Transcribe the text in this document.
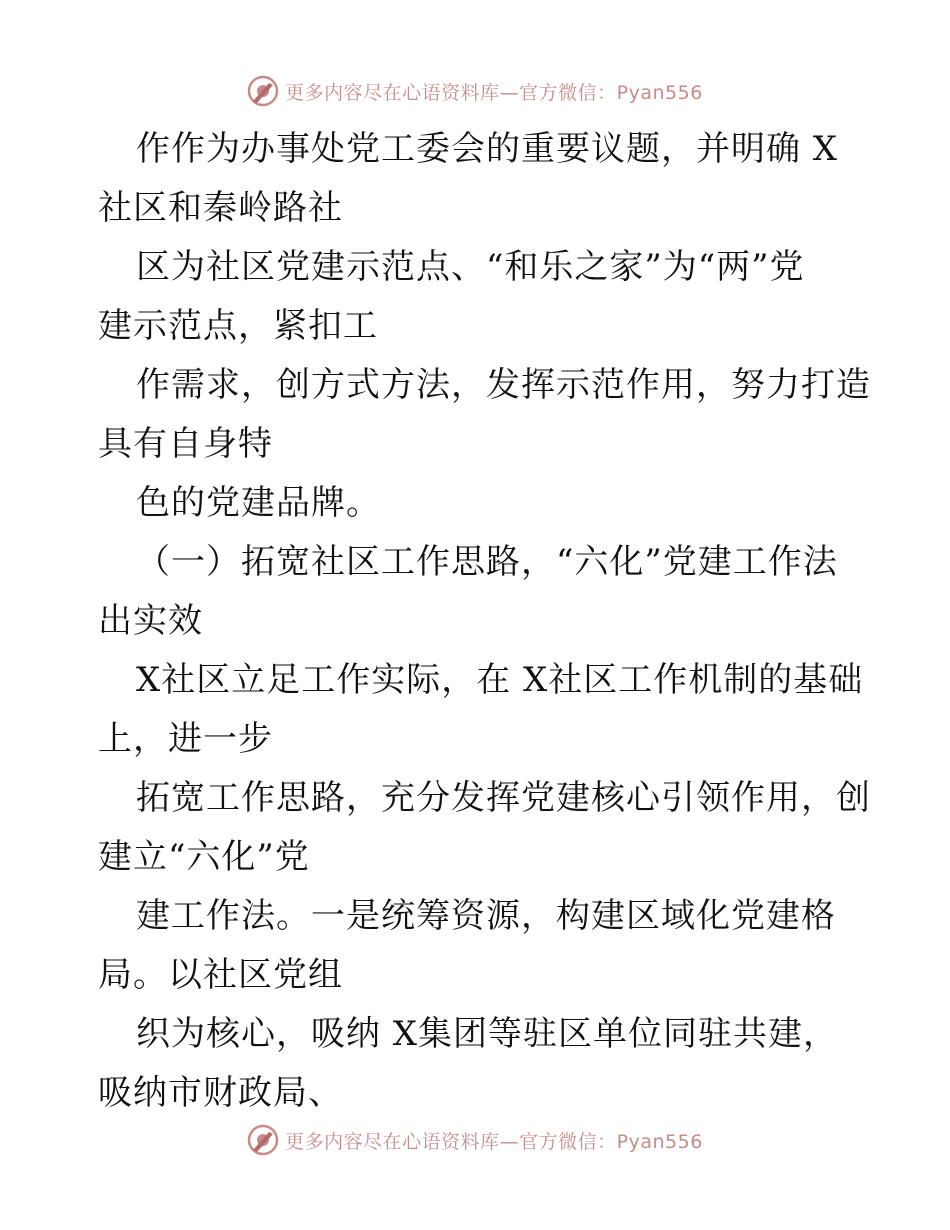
更多内容尽在心语资料库—官方微信：Pyan556
作作为办事处党工委会的重要议题，并明确 X
社区和秦岭路社
区为社区党建示范点、“和乐之家”为“两”党
建示范点，紧扣工
作需求，创方式方法，发挥示范作用，努力打造
具有自身特
色的党建品牌。
（一）拓宽社区工作思路，“六化”党建工作法
出实效
X社区立足工作实际，在 X社区工作机制的基础
上，进一步
拓宽工作思路，充分发挥党建核心引领作用，创
建立“六化”党
建工作法。一是统筹资源，构建区域化党建格
局。以社区党组
织为核心，吸纳 X集团等驻区单位同驻共建，
吸纳市财政局、
更多内容尽在心语资料库—官方微信：Pyan556
